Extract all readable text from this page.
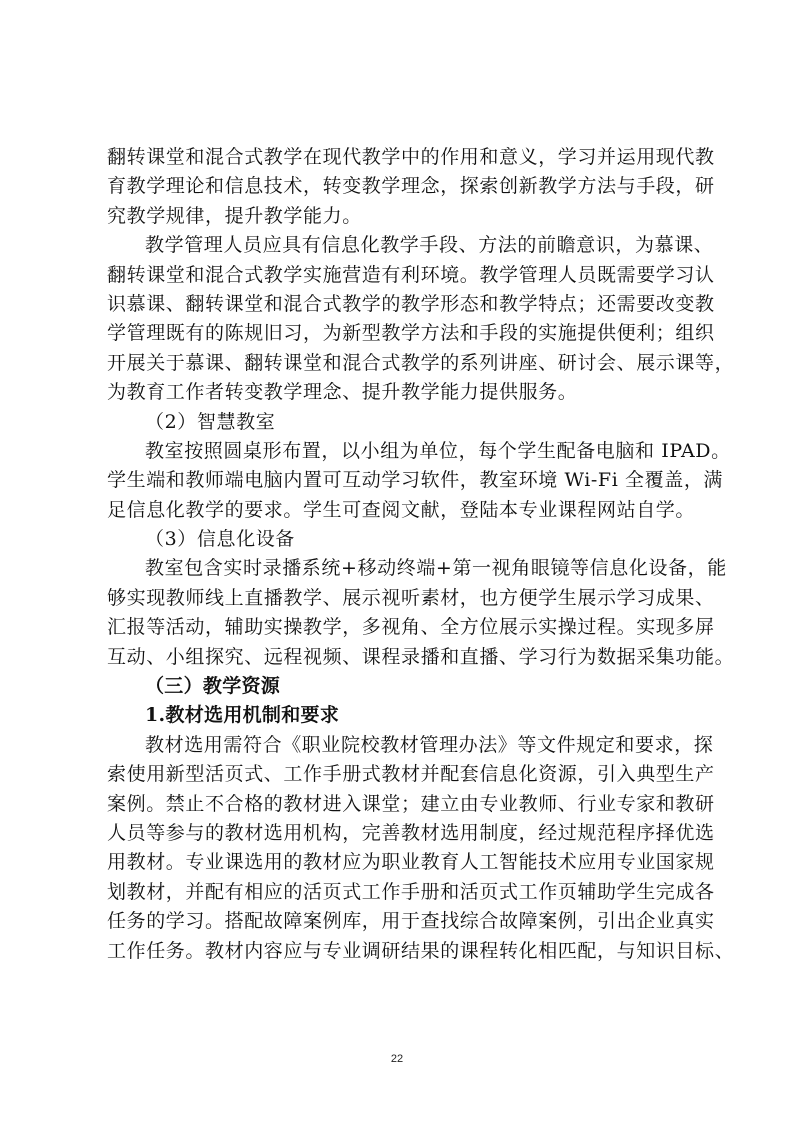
翻转课堂和混合式教学在现代教学中的作用和意义，学习并运用现代教
育教学理论和信息技术，转变教学理念，探索创新教学方法与手段，研
究教学规律，提升教学能力。
教学管理人员应具有信息化教学手段、方法的前瞻意识，为慕课、
翻转课堂和混合式教学实施营造有利环境。教学管理人员既需要学习认
识慕课、翻转课堂和混合式教学的教学形态和教学特点；还需要改变教
学管理既有的陈规旧习，为新型教学方法和手段的实施提供便利；组织
开展关于慕课、翻转课堂和混合式教学的系列讲座、研讨会、展示课等，
为教育工作者转变教学理念、提升教学能力提供服务。
（2）智慧教室
教室按照圆桌形布置，以小组为单位，每个学生配备电脑和 IPAD。
学生端和教师端电脑内置可互动学习软件，教室环境 Wi-Fi 全覆盖，满
足信息化教学的要求。学生可查阅文献，登陆本专业课程网站自学。
（3）信息化设备
教室包含实时录播系统+移动终端+第一视角眼镜等信息化设备，能
够实现教师线上直播教学、展示视听素材，也方便学生展示学习成果、
汇报等活动，辅助实操教学，多视角、全方位展示实操过程。实现多屏
互动、小组探究、远程视频、课程录播和直播、学习行为数据采集功能。
（三）教学资源
1.教材选用机制和要求
教材选用需符合《职业院校教材管理办法》等文件规定和要求，探
索使用新型活页式、工作手册式教材并配套信息化资源，引入典型生产
案例。禁止不合格的教材进入课堂；建立由专业教师、行业专家和教研
人员等参与的教材选用机构，完善教材选用制度，经过规范程序择优选
用教材。专业课选用的教材应为职业教育人工智能技术应用专业国家规
划教材，并配有相应的活页式工作手册和活页式工作页辅助学生完成各
任务的学习。搭配故障案例库，用于查找综合故障案例，引出企业真实
工作任务。教材内容应与专业调研结果的课程转化相匹配，与知识目标、
22
